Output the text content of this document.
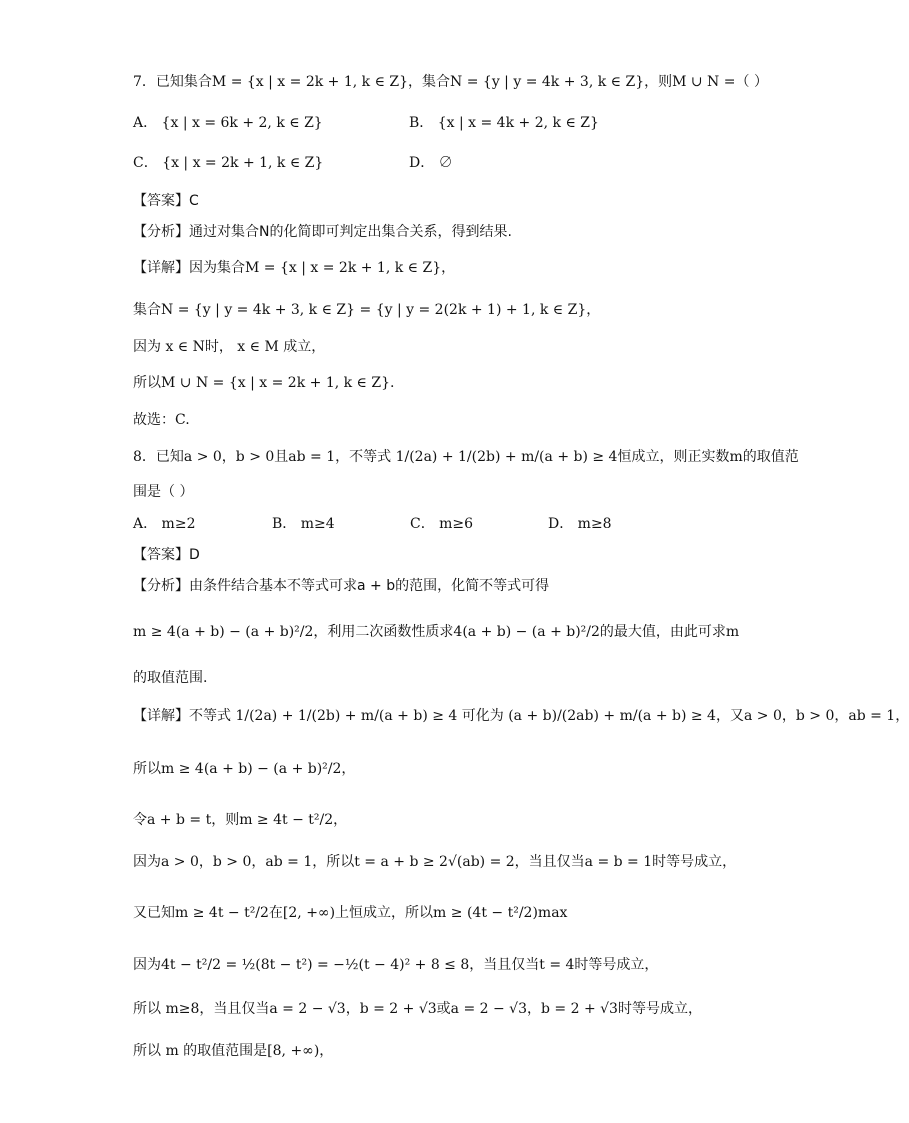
7．已知集合M = {x | x = 2k + 1, k ∈ Z}，集合N = {y | y = 4k + 3, k ∈ Z}，则M ∪ N =（ ）
A． {x | x = 6k + 2, k ∈ Z}	B． {x | x = 4k + 2, k ∈ Z}
C． {x | x = 2k + 1, k ∈ Z}	D． ∅
【答案】C
【分析】通过对集合N的化简即可判定出集合关系，得到结果.
【详解】因为集合M = {x | x = 2k + 1, k ∈ Z}，
集合N = {y | y = 4k + 3, k ∈ Z} = {y | y = 2(2k + 1) + 1, k ∈ Z}，
因为 x ∈ N时， x ∈ M 成立，
所以M ∪ N = {x | x = 2k + 1, k ∈ Z}.
故选：C.
8．已知a > 0，b > 0且ab = 1，不等式 1/(2a) + 1/(2b) + m/(a + b) ≥ 4恒成立，则正实数m的取值范
围是（ ）
A． m≥2	B． m≥4	C． m≥6	D． m≥8
【答案】D
【分析】由条件结合基本不等式可求a + b的范围，化简不等式可得
m ≥ 4(a + b) − (a + b)²/2，利用二次函数性质求4(a + b) − (a + b)²/2的最大值，由此可求m
的取值范围.
【详解】不等式 1/(2a) + 1/(2b) + m/(a + b) ≥ 4 可化为 (a + b)/(2ab) + m/(a + b) ≥ 4，又a > 0，b > 0，ab = 1，
所以m ≥ 4(a + b) − (a + b)²/2，
令a + b = t，则m ≥ 4t − t²/2，
因为a > 0，b > 0，ab = 1，所以t = a + b ≥ 2√(ab) = 2，当且仅当a = b = 1时等号成立，
又已知m ≥ 4t − t²/2在[2, +∞)上恒成立，所以m ≥ (4t − t²/2)max
因为4t − t²/2 = ½(8t − t²) = −½(t − 4)² + 8 ≤ 8，当且仅当t = 4时等号成立，
所以 m≥8，当且仅当a = 2 − √3，b = 2 + √3或a = 2 − √3，b = 2 + √3时等号成立，
所以 m 的取值范围是[8, +∞)，
